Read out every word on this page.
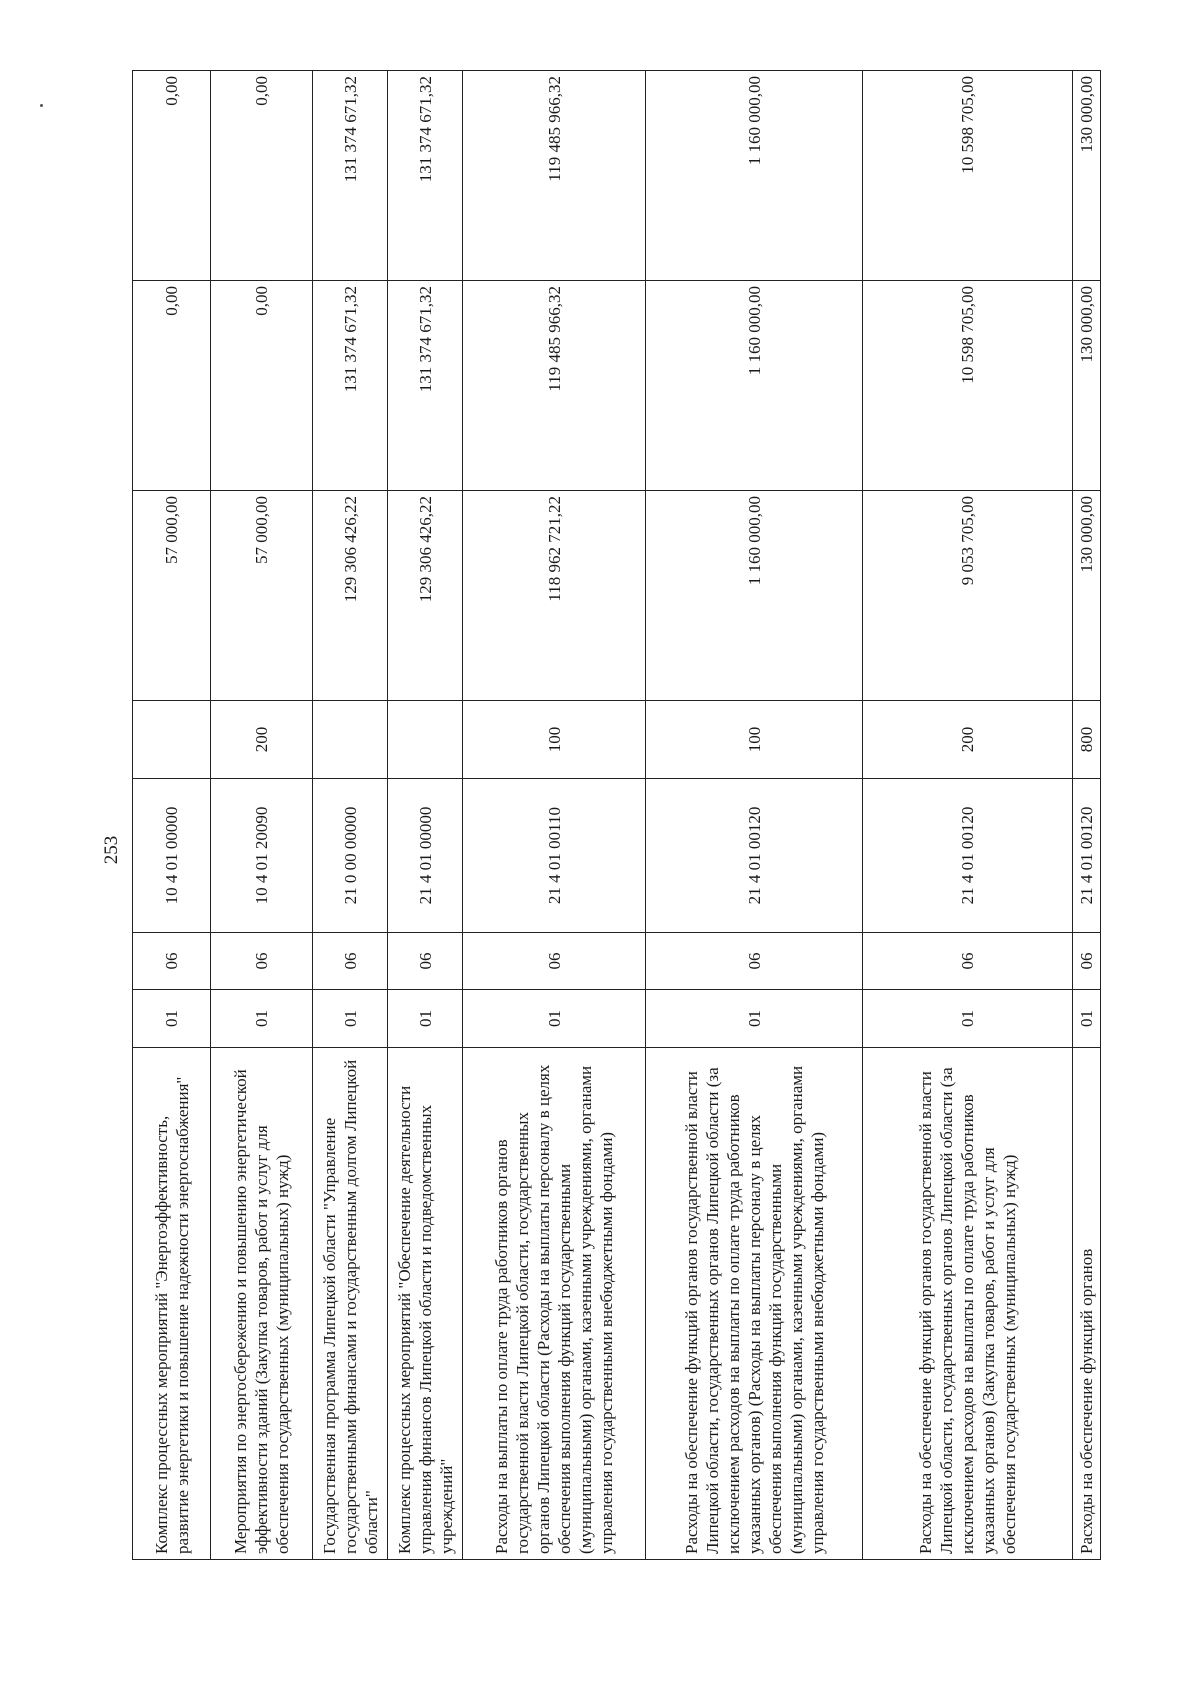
253
Комплекс процессных мероприятий "Энергоэффективность, развитие энергетики и повышение надежности энергоснабжения"	01	06	10 4 01 00000		57 000,00	0,00	0,00
Мероприятия по энергосбережению и повышению энергетической эффективности зданий (Закупка товаров, работ и услуг для обеспечения государственных (муниципальных) нужд)	01	06	10 4 01 20090	200	57 000,00	0,00	0,00
Государственная программа Липецкой области "Управление государственными финансами и государственным долгом Липецкой области"	01	06	21 0 00 00000		129 306 426,22	131 374 671,32	131 374 671,32
Комплекс процессных мероприятий "Обеспечение деятельности управления финансов Липецкой области и подведомственных учреждений"	01	06	21 4 01 00000		129 306 426,22	131 374 671,32	131 374 671,32
Расходы на выплаты по оплате труда работников органов государственной власти Липецкой области, государственных органов Липецкой области (Расходы на выплаты персоналу в целях обеспечения выполнения функций государственными (муниципальными) органами, казенными учреждениями, органами управления государственными внебюджетными фондами)	01	06	21 4 01 00110	100	118 962 721,22	119 485 966,32	119 485 966,32
Расходы на обеспечение функций органов государственной власти Липецкой области, государственных органов Липецкой области (за исключением расходов на выплаты по оплате труда работников указанных органов) (Расходы на выплаты персоналу в целях обеспечения выполнения функций государственными (муниципальными) органами, казенными учреждениями, органами управления государственными внебюджетными фондами)	01	06	21 4 01 00120	100	1 160 000,00	1 160 000,00	1 160 000,00
Расходы на обеспечение функций органов государственной власти Липецкой области, государственных органов Липецкой области (за исключением расходов на выплаты по оплате труда работников указанных органов) (Закупка товаров, работ и услуг для обеспечения государственных (муниципальных) нужд)	01	06	21 4 01 00120	200	9 053 705,00	10 598 705,00	10 598 705,00
Расходы на обеспечение функций органов	01	06	21 4 01 00120	800	130 000,00	130 000,00	130 000,00
